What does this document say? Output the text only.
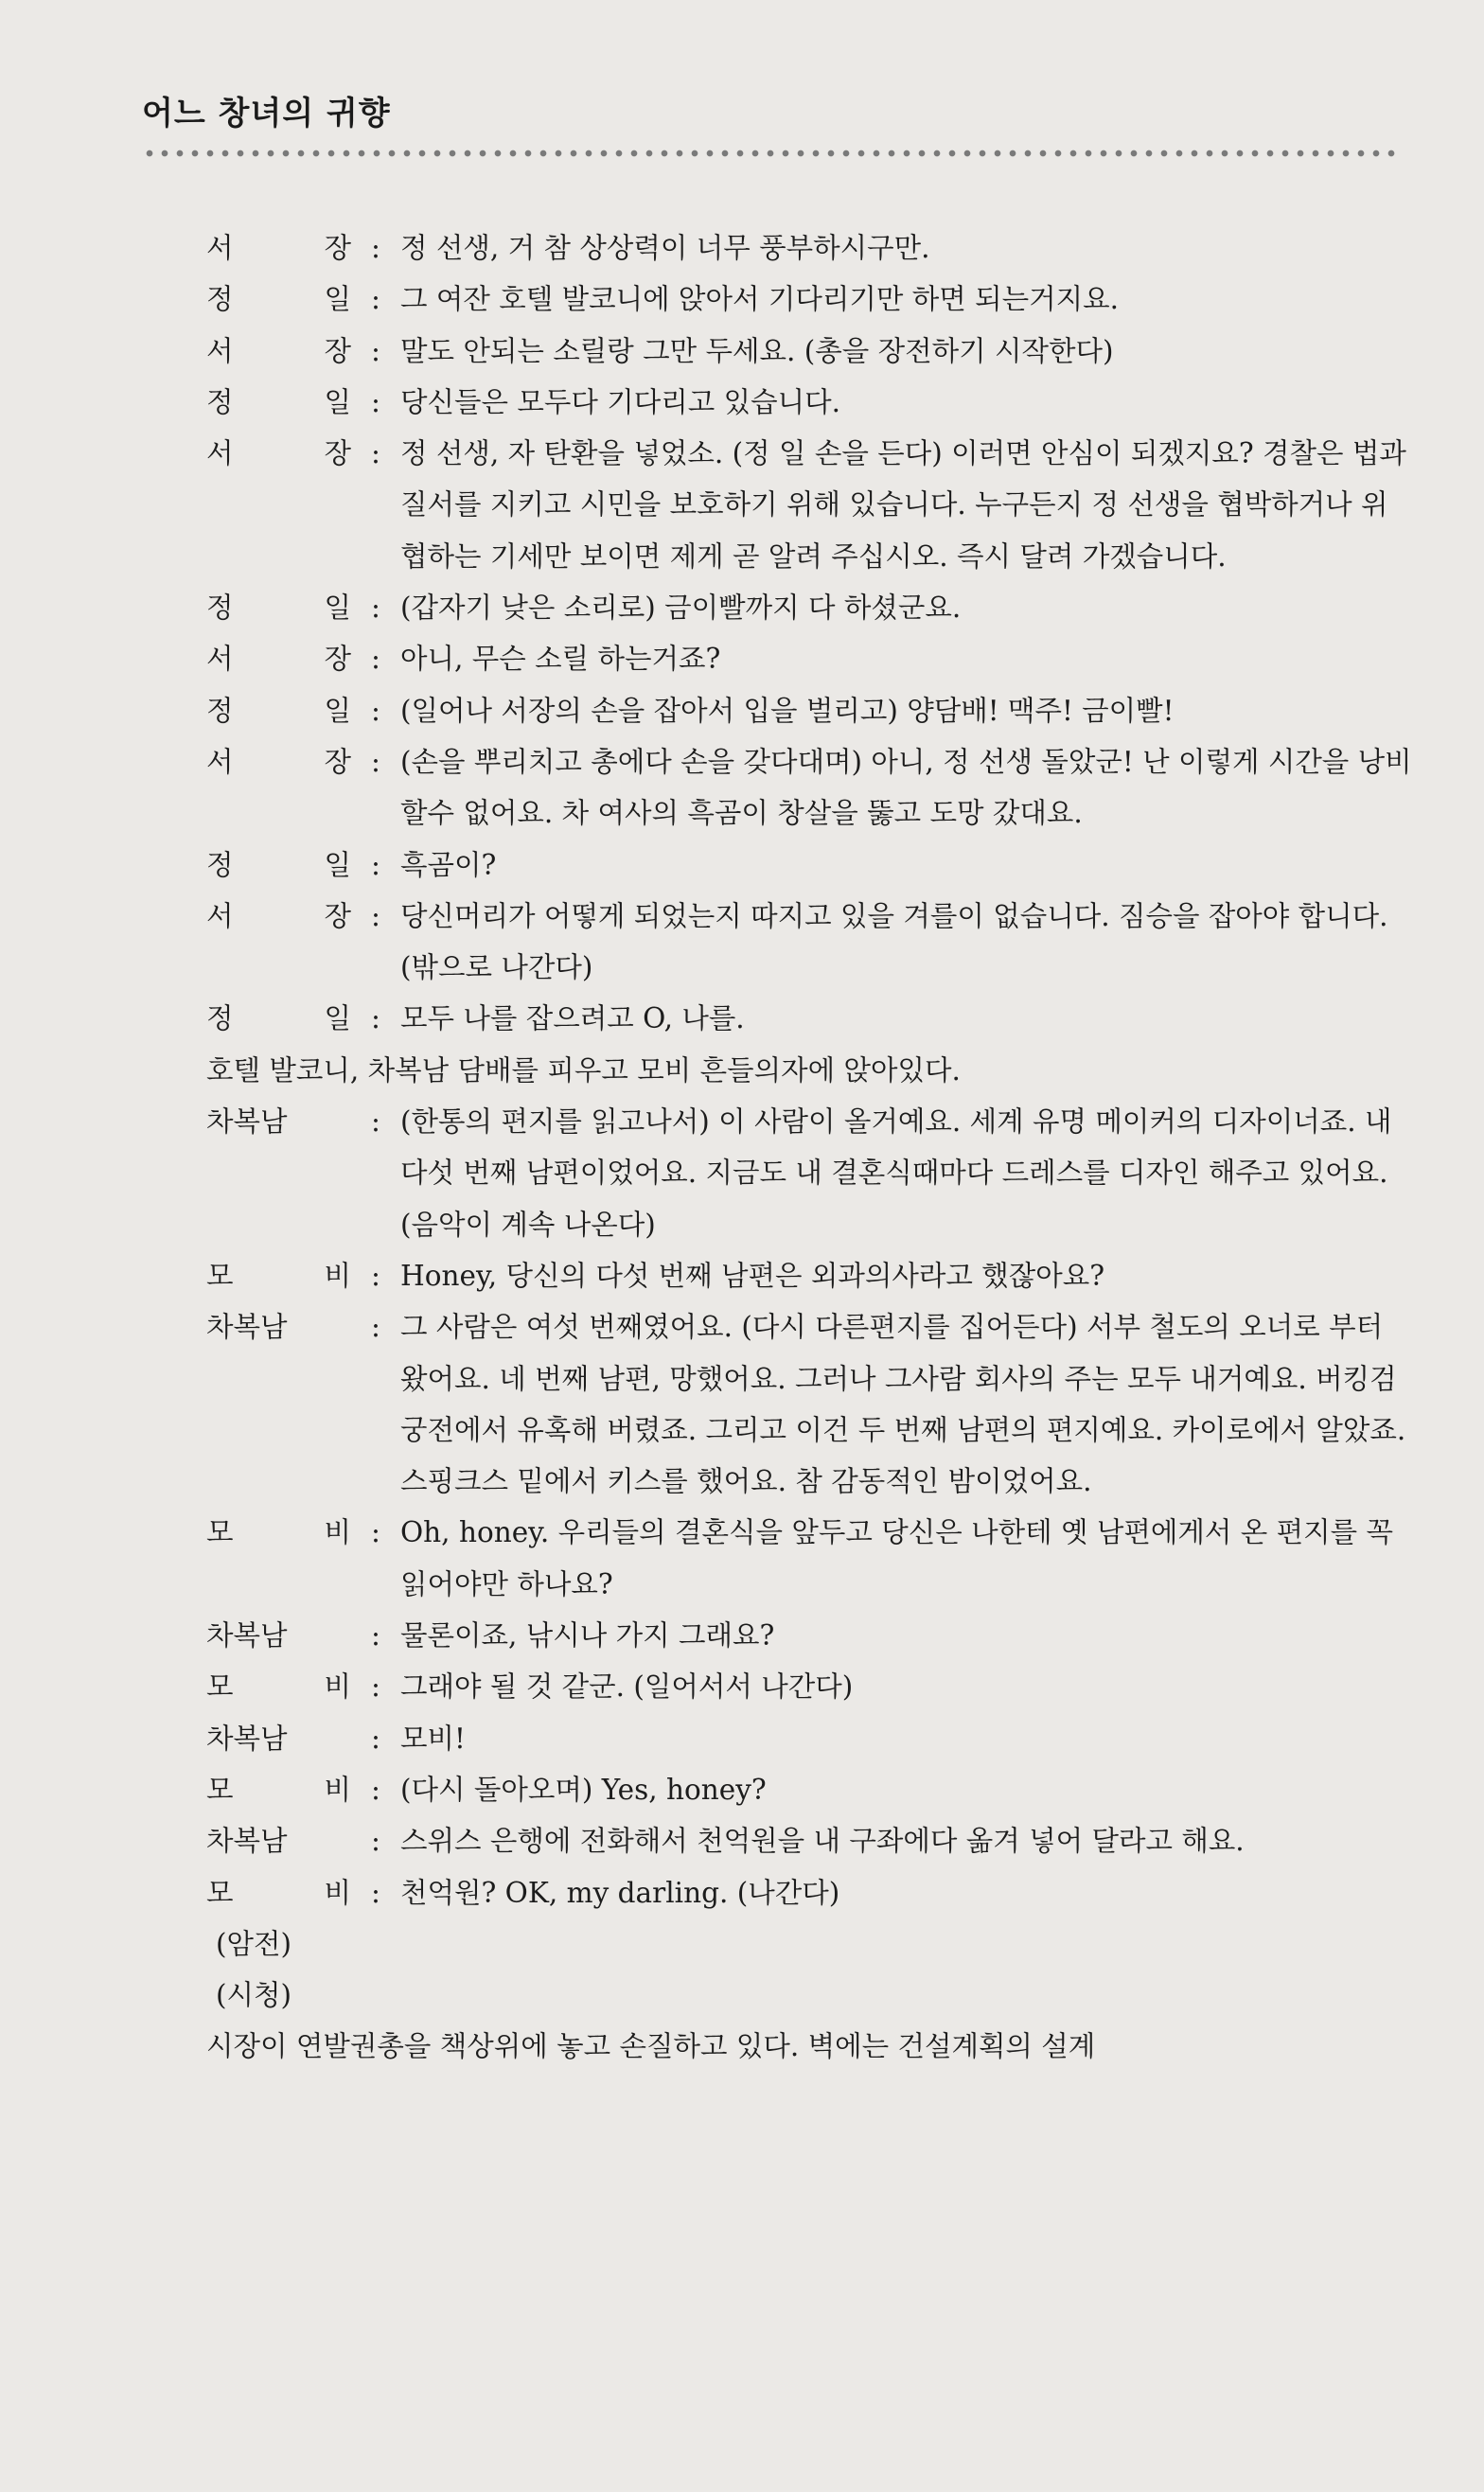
어느 창녀의 귀향
서 장 : 정 선생, 거 참 상상력이 너무 풍부하시구만.
정 일 : 그 여잔 호텔 발코니에 앉아서 기다리기만 하면 되는거지요.
서 장 : 말도 안되는 소릴랑 그만 두세요. (총을 장전하기 시작한다)
정 일 : 당신들은 모두다 기다리고 있습니다.
서 장 : 정 선생, 자 탄환을 넣었소. (정 일 손을 든다) 이러면 안심이 되겠지요? 경찰은 법과 질서를 지키고 시민을 보호하기 위해 있습니다. 누구든지 정 선생을 협박하거나 위협하는 기세만 보이면 제게 곧 알려 주십시오. 즉시 달려 가겠습니다.
정 일 : (갑자기 낮은 소리로) 금이빨까지 다 하셨군요.
서 장 : 아니, 무슨 소릴 하는거죠?
정 일 : (일어나 서장의 손을 잡아서 입을 벌리고) 양담배! 맥주! 금이빨!
서 장 : (손을 뿌리치고 총에다 손을 갖다대며) 아니, 정 선생 돌았군! 난 이렇게 시간을 낭비할수 없어요. 차 여사의 흑곰이 창살을 뚫고 도망 갔대요.
정 일 : 흑곰이?
서 장 : 당신머리가 어떻게 되었는지 따지고 있을 겨를이 없습니다. 짐승을 잡아야 합니다. (밖으로 나간다)
정 일 : 모두 나를 잡으려고 O, 나를.
호텔 발코니, 차복남 담배를 피우고 모비 흔들의자에 앉아있다.
차복남	: (한통의 편지를 읽고나서) 이 사람이 올거예요. 세계 유명 메이커의 디자이너죠. 내 다섯 번째 남편이었어요. 지금도 내 결혼식때마다 드레스를 디자인 해주고 있어요. (음악이 계속 나온다)
모 비 : Honey, 당신의 다섯 번째 남편은 외과의사라고 했잖아요?
차복남	: 그 사람은 여섯 번째였어요. (다시 다른편지를 집어든다) 서부 철도의 오너로 부터 왔어요. 네 번째 남편, 망했어요. 그러나 그사람 회사의 주는 모두 내거예요. 버킹검 궁전에서 유혹해 버렸죠. 그리고 이건 두 번째 남편의 편지예요. 카이로에서 알았죠. 스핑크스 밑에서 키스를 했어요. 참 감동적인 밤이었어요.
모 비 : Oh, honey. 우리들의 결혼식을 앞두고 당신은 나한테 옛 남편에게서 온 편지를 꼭 읽어야만 하나요?
차복남	: 물론이죠, 낚시나 가지 그래요?
모 비 : 그래야 될 것 같군. (일어서서 나간다)
차복남	: 모비!
모 비 : (다시 돌아오며) Yes, honey?
차복남	: 스위스 은행에 전화해서 천억원을 내 구좌에다 옮겨 넣어 달라고 해요.
모 비 : 천억원? OK, my darling. (나간다)
(암전)
(시청)
시장이 연발권총을 책상위에 놓고 손질하고 있다. 벽에는 건설계획의 설계
